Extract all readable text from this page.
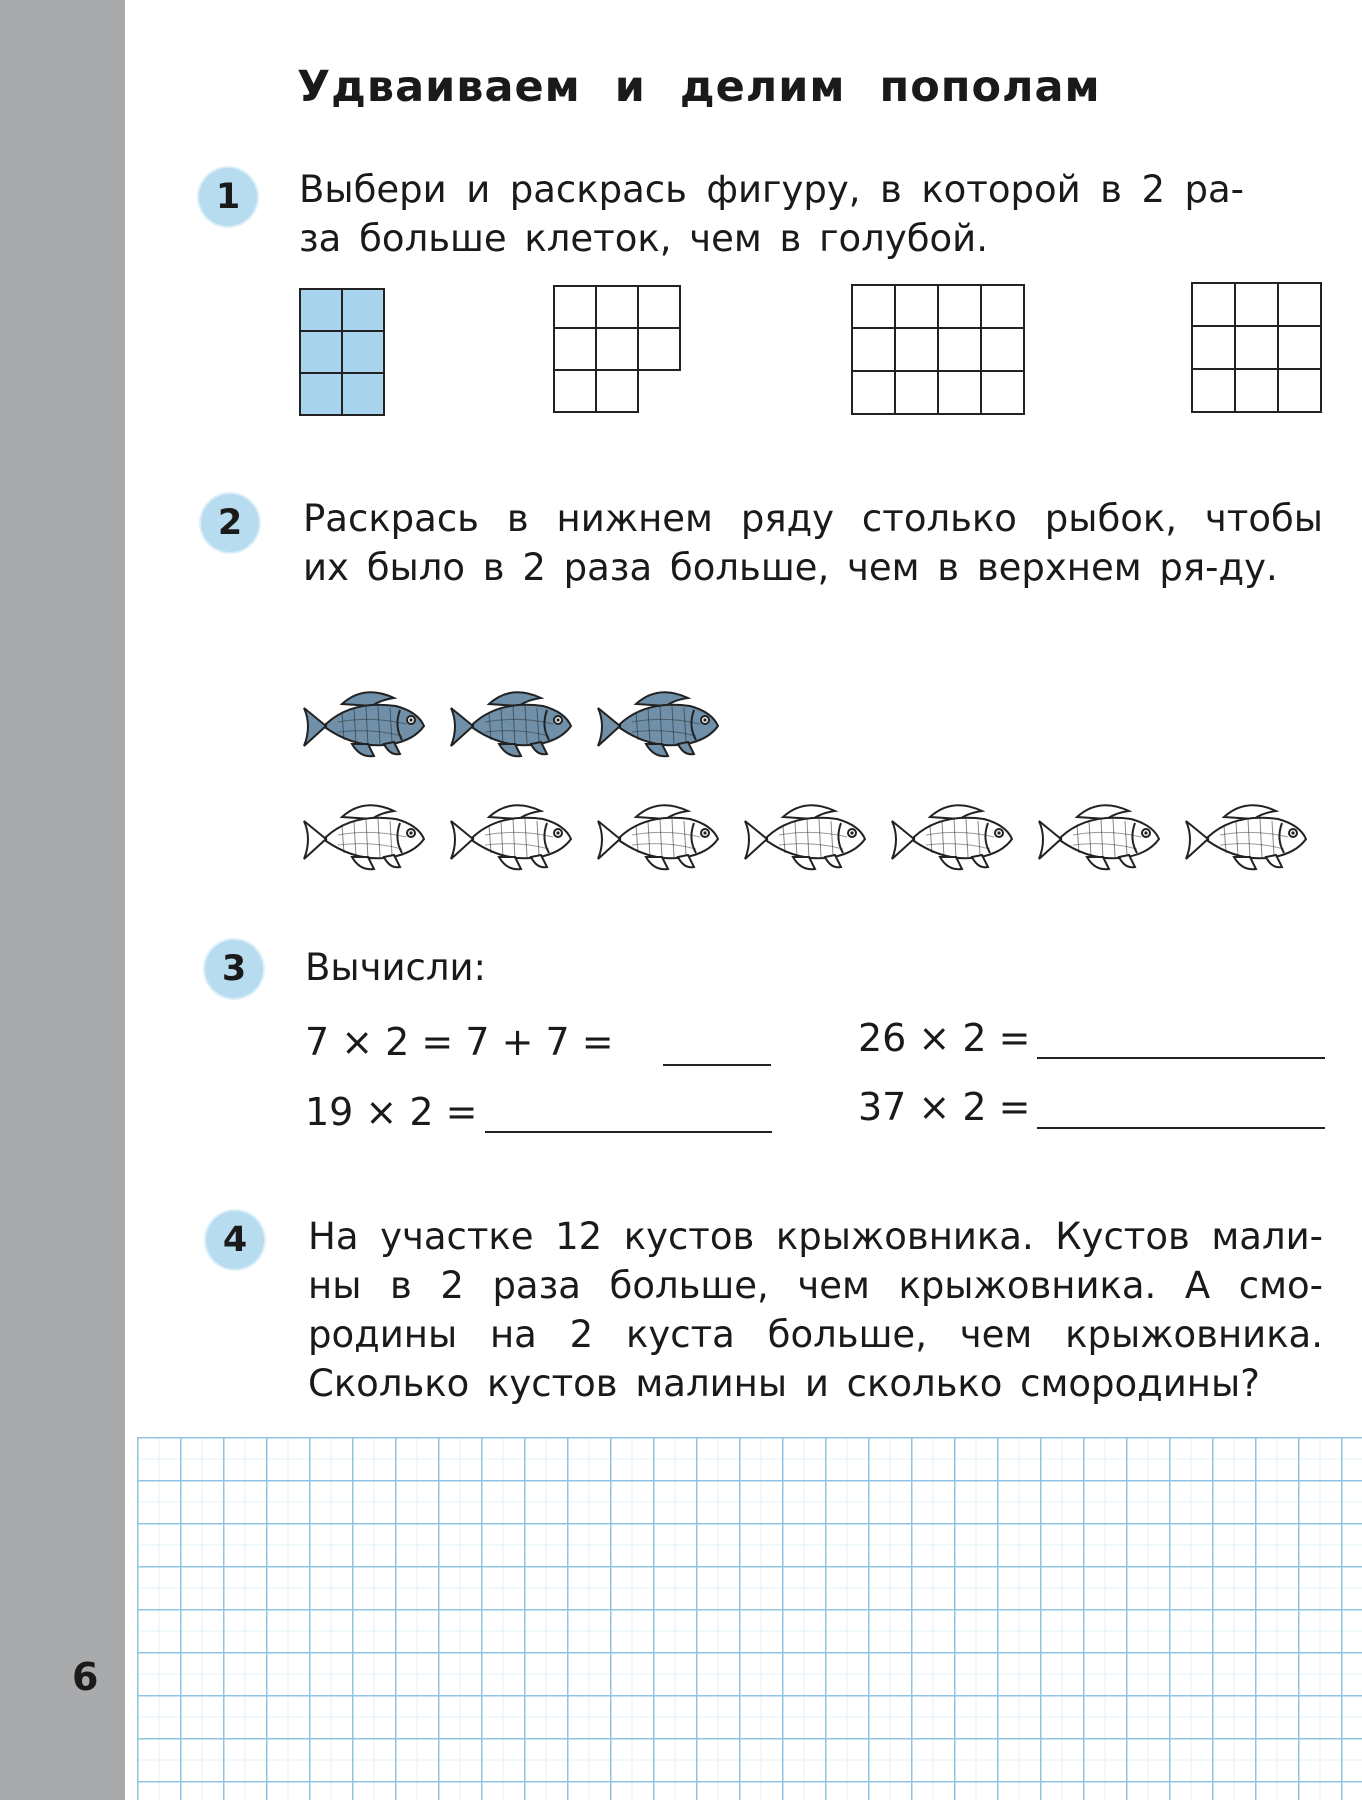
Удваиваем и делим пополам
1	Выбери и раскрась фигуру, в которой в 2 ра-за больше клеток, чем в голубой.
2	Раскрась в нижнем ряду столько рыбок, чтобы их было в 2 раза больше, чем в верхнем ря-ду.
3	Вычисли:
7 × 2 = 7 + 7 =
19 × 2 =
26 × 2 =
37 × 2 =
4	На участке 12 кустов крыжовника. Кустов мали-ны в 2 раза больше, чем крыжовника. А смо-родины на 2 куста больше, чем крыжовника. Сколько кустов малины и сколько смородины?
6
